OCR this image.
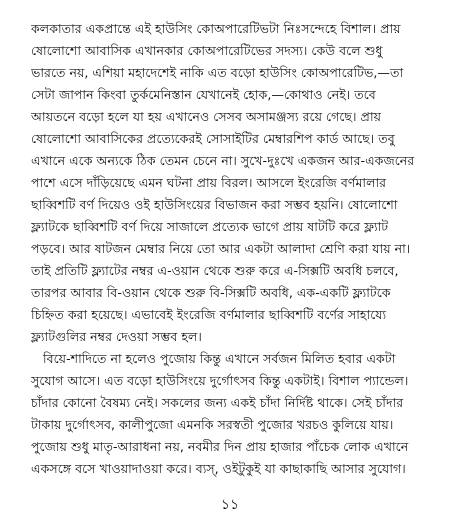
কলকাতার একপ্রান্তে এই হাউসিং কোঅপারেটিভটা নিঃসন্দেহে বিশাল। প্রায়
ষোলোশো আবাসিক এখানকার কোঅপারেটিভের সদস্য। কেউ বলে শুধু
ভারতে নয়, এশিয়া মহাদেশেই নাকি এত বড়ো হাউসিং কোঅপারেটিভ,—তা
সেটা জাপান কিংবা তুর্কমেনিস্তান যেখানেই হোক,—কোথাও নেই। তবে
আয়তনে বড়ো হলে যা হয় এখানেও সেসব অসামঞ্জস্য রয়ে গেছে। প্রায়
ষোলোশো আবাসিকের প্রত্যেকেরই সোসাইটির মেম্বারশিপ কার্ড আছে। তবু
এখানে একে অন্যকে ঠিক তেমন চেনে না। সুখে-দুঃখে একজন আর-একজনের
পাশে এসে দাঁড়িয়েছে এমন ঘটনা প্রায় বিরল। আসলে ইংরেজি বর্ণমালার
ছাব্বিশটি বর্ণ দিয়েও ওই হাউসিংয়ের বিভাজন করা সম্ভব হয়নি। ষোলোশো
ফ্ল্যাটকে ছাব্বিশটি বর্ণ দিয়ে সাজালে প্রত্যেক ভাগে প্রায় ষাটটি করে ফ্ল্যাট
পড়বে। আর ষাটজন মেম্বার নিয়ে তো আর একটা আলাদা শ্রেণি করা যায় না।
তাই প্রতিটি ফ্ল্যাটের নম্বর এ-ওয়ান থেকে শুরু করে এ-সিক্সটি অবধি চলবে,
তারপর আবার বি-ওয়ান থেকে শুরু বি-সিক্সটি অবধি, এক-একটি ফ্ল্যাটকে
চিহ্নিত করা হয়েছে। এভাবেই ইংরেজি বর্ণমালার ছাব্বিশটি বর্ণের সাহায্যে
ফ্ল্যাটগুলির নম্বর দেওয়া সম্ভব হল।
বিয়ে-শাদিতে না হলেও পুজোয় কিন্তু এখানে সর্বজন মিলিত হবার একটা
সুযোগ আসে। এত বড়ো হাউসিংয়ে দুর্গোৎসব কিন্তু একটাই। বিশাল প্যান্ডেল।
চাঁদার কোনো বৈষম্য নেই। সকলের জন্য একই চাঁদা নির্দিষ্ট থাকে। সেই চাঁদার
টাকায় দুর্গোৎসব, কালীপুজো এমনকি সরস্বতী পুজোর খরচও কুলিয়ে যায়।
পুজোয় শুধু মাতৃ-আরাধনা নয়, নবমীর দিন প্রায় হাজার পাঁচেক লোক এখানে
একসঙ্গে বসে খাওয়াদাওয়া করে। ব্যস্, ওইটুকুই যা কাছাকাছি আসার সুযোগ।
১১
